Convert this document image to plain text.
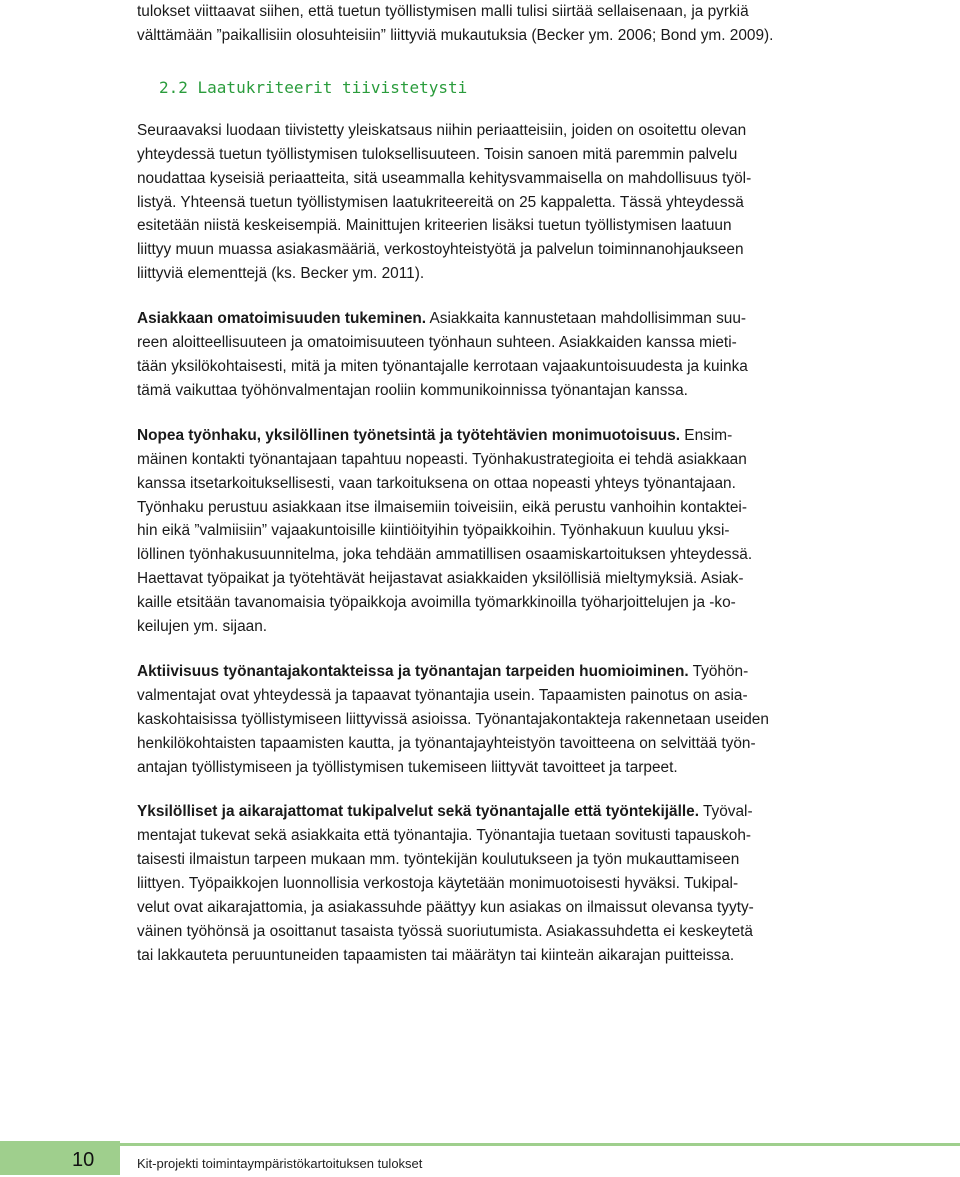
tulokset viittaavat siihen, että tuetun työllistymisen malli tulisi siirtää sellaisenaan, ja pyrkiä
välttämään ”paikallisiin olosuhteisiin” liittyviä mukautuksia (Becker ym. 2006; Bond ym. 2009).

2.2 Laatukriteerit tiivistetysti

Seuraavaksi luodaan tiivistetty yleiskatsaus niihin periaatteisiin, joiden on osoitettu olevan
yhteydessä tuetun työllistymisen tuloksellisuuteen. Toisin sanoen mitä paremmin palvelu
noudattaa kyseisiä periaatteita, sitä useammalla kehitysvammaisella on mahdollisuus työl-
listyä. Yhteensä tuetun työllistymisen laatukriteereitä on 25 kappaletta. Tässä yhteydessä
esitetään niistä keskeisempiä. Mainittujen kriteerien lisäksi tuetun työllistymisen laatuun
liittyy muun muassa asiakasmääriä, verkostoyhteistyötä ja palvelun toiminnanohjaukseen
liittyviä elementtejä (ks. Becker ym. 2011).

Asiakkaan omatoimisuuden tukeminen. Asiakkaita kannustetaan mahdollisimman suu-
reen aloitteellisuuteen ja omatoimisuuteen työnhaun suhteen. Asiakkaiden kanssa mieti-
tään yksilökohtaisesti, mitä ja miten työnantajalle kerrotaan vajaakuntoisuudesta ja kuinka
tämä vaikuttaa työhönvalmentajan rooliin kommunikoinnissa työnantajan kanssa.

Nopea työnhaku, yksilöllinen työnetsintä ja työtehtävien monimuotoisuus. Ensim-
mäinen kontakti työnantajaan tapahtuu nopeasti. Työnhakustrategioita ei tehdä asiakkaan
kanssa itsetarkoituksellisesti, vaan tarkoituksena on ottaa nopeasti yhteys työnantajaan.
Työnhaku perustuu asiakkaan itse ilmaisemiin toiveisiin, eikä perustu vanhoihin kontaktei-
hin eikä ”valmiisiin” vajaakuntoisille kiintiöityihin työpaikkoihin. Työnhakuun kuuluu yksi-
löllinen työnhakusuunnitelma, joka tehdään ammatillisen osaamiskartoituksen yhteydessä.
Haettavat työpaikat ja työtehtävät heijastavat asiakkaiden yksilöllisiä mieltymyksiä. Asiak-
kaille etsitään tavanomaisia työpaikkoja avoimilla työmarkkinoilla työharjoittelujen ja -ko-
keilujen ym. sijaan.

Aktiivisuus työnantajakontakteissa ja työnantajan tarpeiden huomioiminen. Työhön-
valmentajat ovat yhteydessä ja tapaavat työnantajia usein. Tapaamisten painotus on asia-
kaskohtaisissa työllistymiseen liittyvissä asioissa. Työnantajakontakteja rakennetaan useiden
henkilökohtaisten tapaamisten kautta, ja työnantajayhteistyön tavoitteena on selvittää työn-
antajan työllistymiseen ja työllistymisen tukemiseen liittyvät tavoitteet ja tarpeet.

Yksilölliset ja aikarajattomat tukipalvelut sekä työnantajalle että työntekijälle. Työval-
mentajat tukevat sekä asiakkaita että työnantajia. Työnantajia tuetaan sovitusti tapauskoh-
taisesti ilmaistun tarpeen mukaan mm. työntekijän koulutukseen ja työn mukauttamiseen
liittyen. Työpaikkojen luonnollisia verkostoja käytetään monimuotoisesti hyväksi. Tukipal-
velut ovat aikarajattomia, ja asiakassuhde päättyy kun asiakas on ilmaissut olevansa tyyty-
väinen työhönsä ja osoittanut tasaista työssä suoriutumista. Asiakassuhdetta ei keskeytetä
tai lakkauteta peruuntuneiden tapaamisten tai määrätyn tai kiinteän aikarajan puitteissa.

10	Kit-projekti toimintaympäristökartoituksen tulokset
